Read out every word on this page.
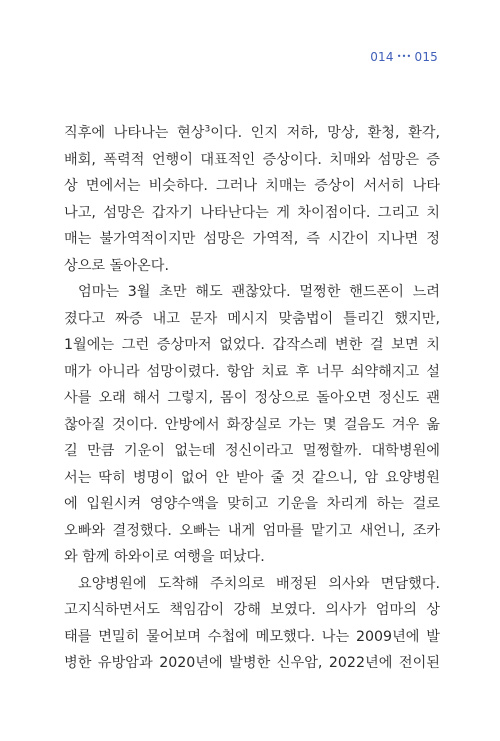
014 ••• 015
직후에 나타나는 현상$^3$이다. 인지 저하, 망상, 환청, 환각,
배회, 폭력적 언행이 대표적인 증상이다. 치매와 섬망은 증
상 면에서는 비슷하다. 그러나 치매는 증상이 서서히 나타
나고, 섬망은 갑자기 나타난다는 게 차이점이다. 그리고 치
매는 불가역적이지만 섬망은 가역적, 즉 시간이 지나면 정
상으로 돌아온다.
엄마는 3월 초만 해도 괜찮았다. 멀쩡한 핸드폰이 느려
졌다고 짜증 내고 문자 메시지 맞춤법이 틀리긴 했지만,
1월에는 그런 증상마저 없었다. 갑작스레 변한 걸 보면 치
매가 아니라 섬망이렸다. 항암 치료 후 너무 쇠약해지고 설
사를 오래 해서 그렇지, 몸이 정상으로 돌아오면 정신도 괜
찮아질 것이다. 안방에서 화장실로 가는 몇 걸음도 겨우 옮
길 만큼 기운이 없는데 정신이라고 멀쩡할까. 대학병원에
서는 딱히 병명이 없어 안 받아 줄 것 같으니, 암 요양병원
에 입원시켜 영양수액을 맞히고 기운을 차리게 하는 걸로
오빠와 결정했다. 오빠는 내게 엄마를 맡기고 새언니, 조카
와 함께 하와이로 여행을 떠났다.
요양병원에 도착해 주치의로 배정된 의사와 면담했다.
고지식하면서도 책임감이 강해 보였다. 의사가 엄마의 상
태를 면밀히 물어보며 수첩에 메모했다. 나는 2009년에 발
병한 유방암과 2020년에 발병한 신우암, 2022년에 전이된
